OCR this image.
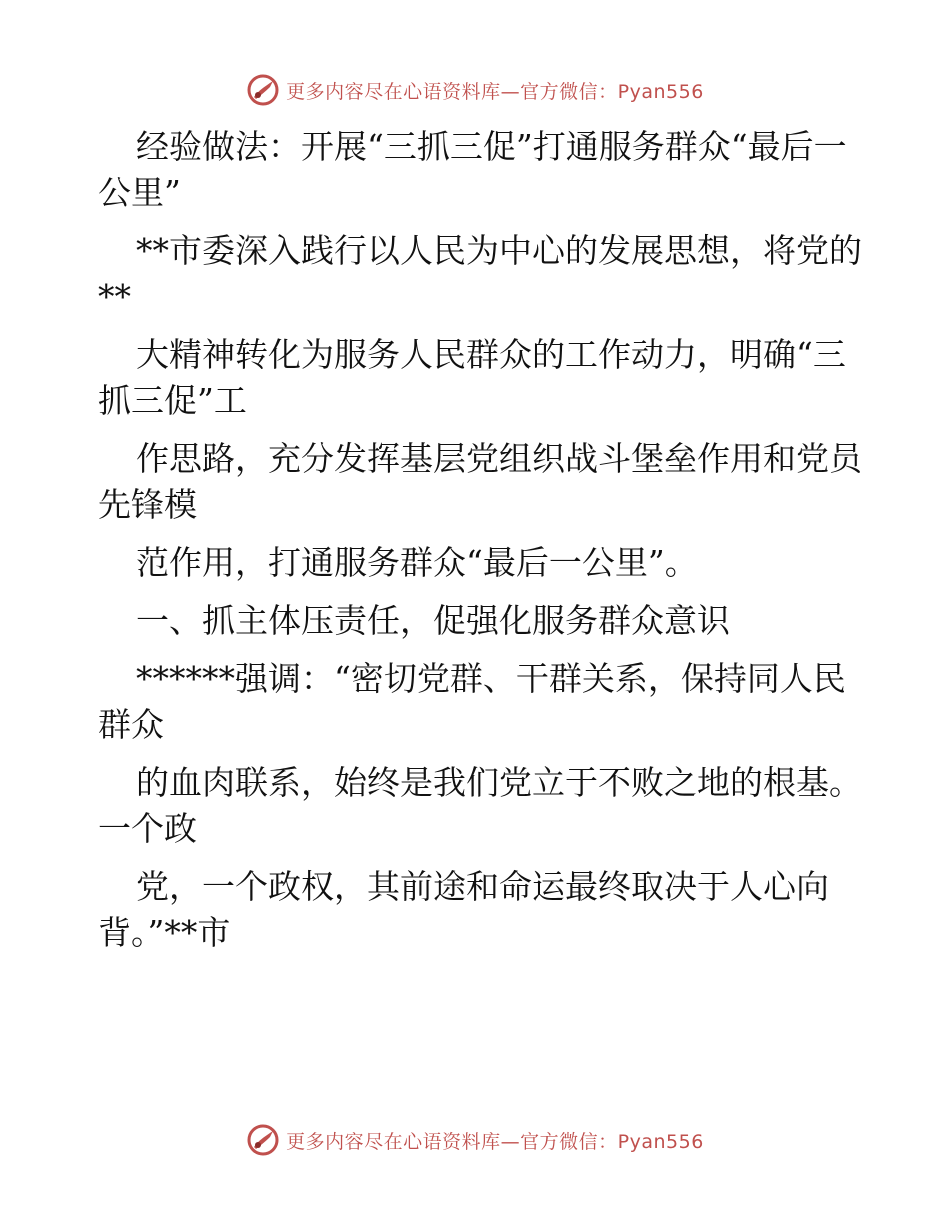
更多内容尽在心语资料库—官方微信：Pyan556

经验做法：开展“三抓三促”打通服务群众“最后一公里”

**市委深入践行以人民为中心的发展思想，将党的**

大精神转化为服务人民群众的工作动力，明确“三抓三促”工

作思路，充分发挥基层党组织战斗堡垒作用和党员先锋模

范作用，打通服务群众“最后一公里”。

一、抓主体压责任，促强化服务群众意识

******强调：“密切党群、干群关系，保持同人民群众

的血肉联系，始终是我们党立于不败之地的根基。一个政

党，一个政权，其前途和命运最终取决于人心向背。”**市

更多内容尽在心语资料库—官方微信：Pyan556
